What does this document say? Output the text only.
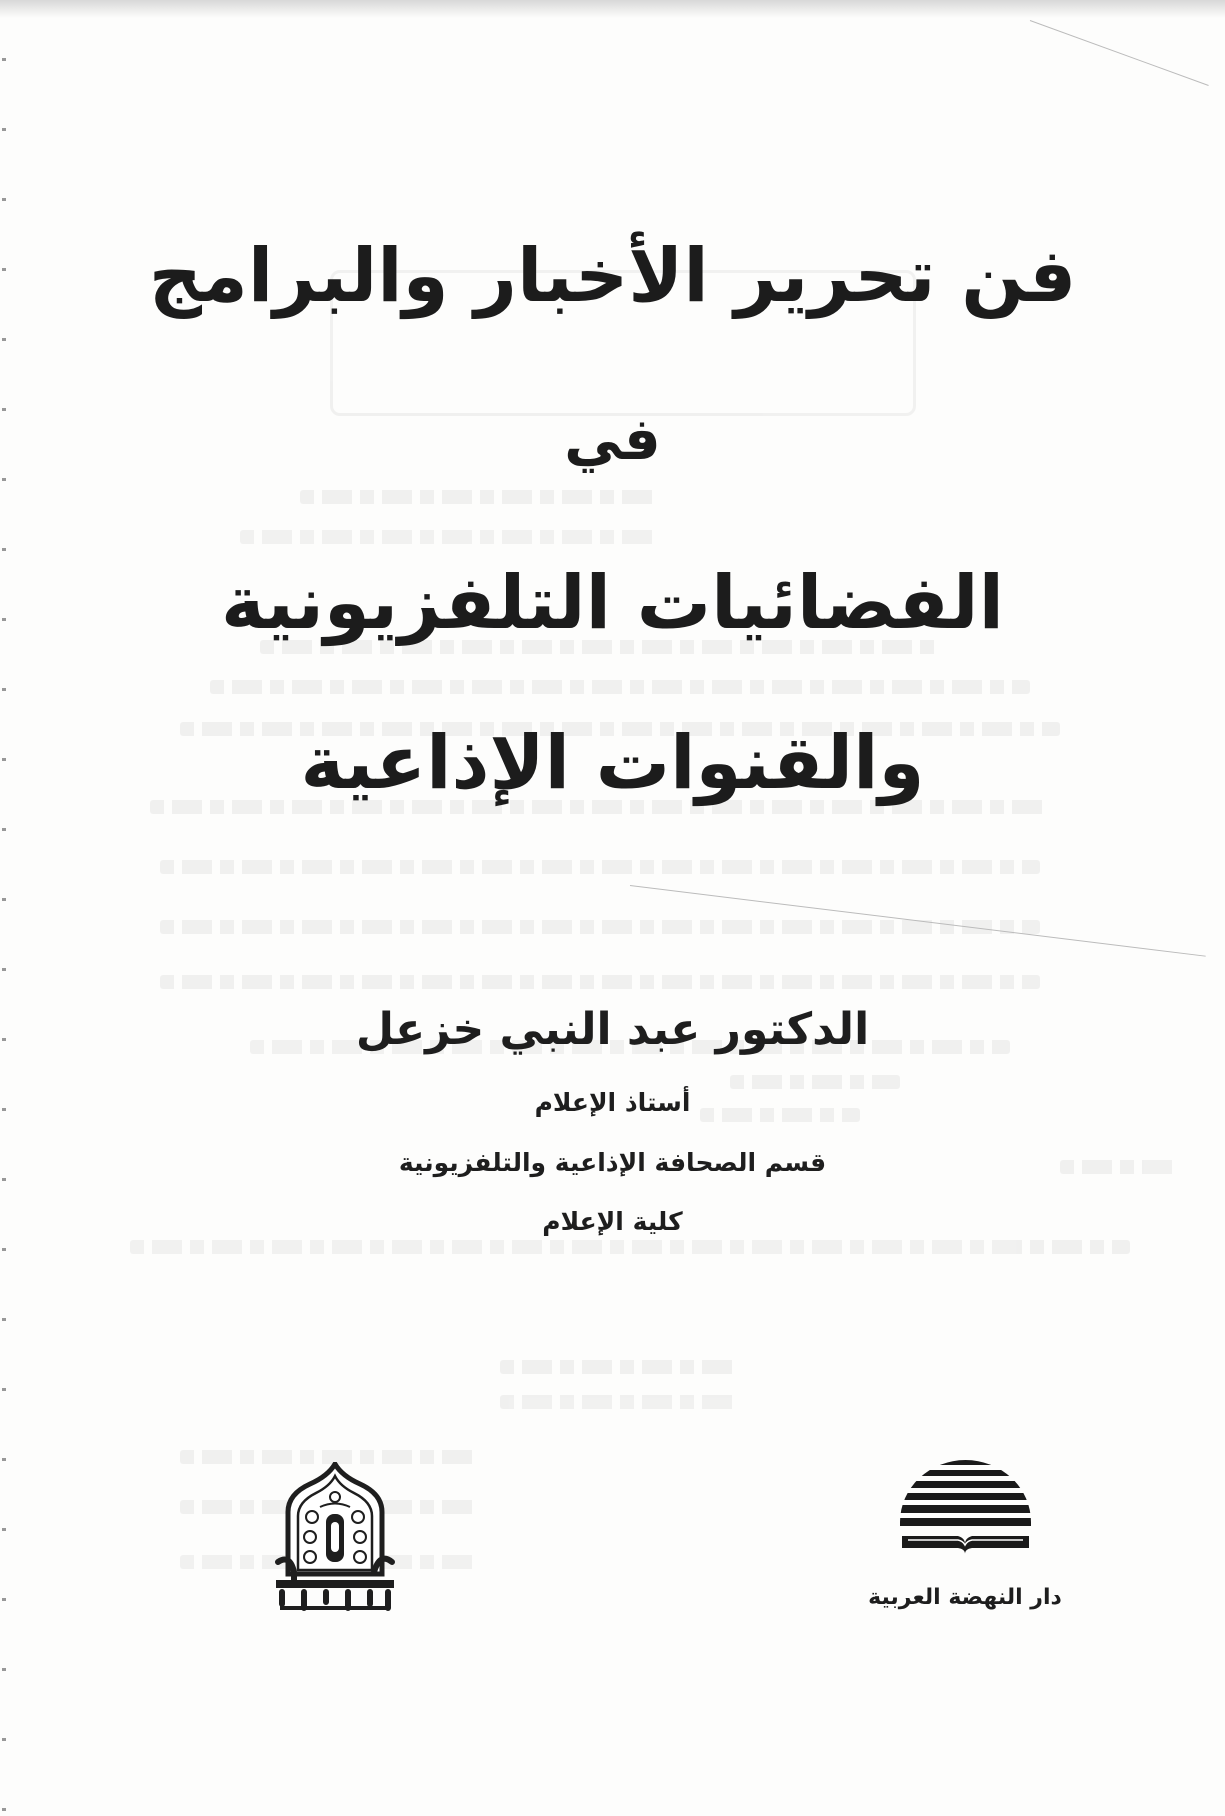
فن تحرير الأخبار والبرامج
في
الفضائيات التلفزيونية
والقنوات الإذاعية
الدكتور عبد النبي خزعل
أستاذ الإعلام
قسم الصحافة الإذاعية والتلفزيونية
كلية الإعلام
دار النهضة العربية
